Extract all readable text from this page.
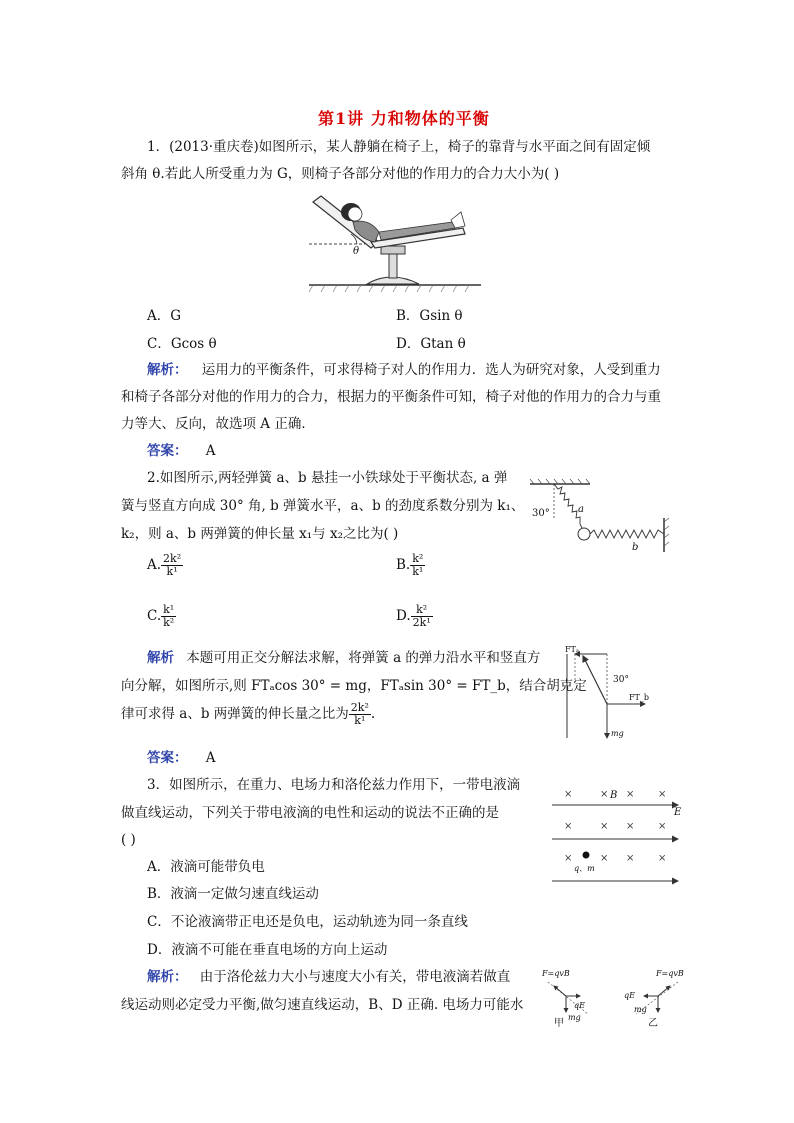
第1讲 力和物体的平衡
1．(2013·重庆卷)如图所示，某人静躺在椅子上，椅子的靠背与水平面之间有固定倾
斜角 θ.若此人所受重力为 G，则椅子各部分对他的作用力的合力大小为( )
θ
A．G	B．Gsin θ
C．Gcos θ	D．Gtan θ
解析： 运用力的平衡条件，可求得椅子对人的作用力．选人为研究对象，人受到重力
和椅子各部分对他的作用力的合力，根据力的平衡条件可知，椅子对他的作用力的合力与重
力等大、反向，故选项 A 正确．
答案： A
2.如图所示,两轻弹簧 a、b 悬挂一小铁球处于平衡状态, a 弹
簧与竖直方向成 30° 角, b 弹簧水平，a、b 的劲度系数分别为 k₁、
k₂，则 a、b 两弹簧的伸长量 x₁与 x₂之比为( )
30°	a
b
A. $\frac{\text{2k²}}{\text{k¹}}$	B. $\frac{\text{k²}}{\text{k¹}}$
C. $\frac{\text{k¹}}{\text{k²}}$	D. $\frac{\text{k²}}{\text{2k¹}}$
解析 本题可用正交分解法求解，将弹簧 a 的弹力沿水平和竖直方
向分解，如图所示,则 FTₐcos 30° = mg，FTₐsin 30° = FT_b，结合胡克定
律可求得 a、b 两弹簧的伸长量之比为 $\frac{\text{2k²}}{\text{k¹}}$ .
FTₐ
30°
FT_b
mg
答案： A
3．如图所示，在重力、电场力和洛伦兹力作用下，一带电液滴
做直线运动，下列关于带电液滴的电性和运动的说法不正确的是
( )
A．液滴可能带负电
B．液滴一定做匀速直线运动
C．不论液滴带正电还是负电，运动轨迹为同一条直线
D．液滴不可能在垂直电场的方向上运动
×	× × ×
×	× × ×
×	× × ×
B
E
q、m
解析： 由于洛伦兹力大小与速度大小有关，带电液滴若做直
线运动则必定受力平衡,做匀速直线运动，B、D 正确. 电场力可能水
F=qvB
qE
mg
甲
F=qvB
qE
mg
乙
